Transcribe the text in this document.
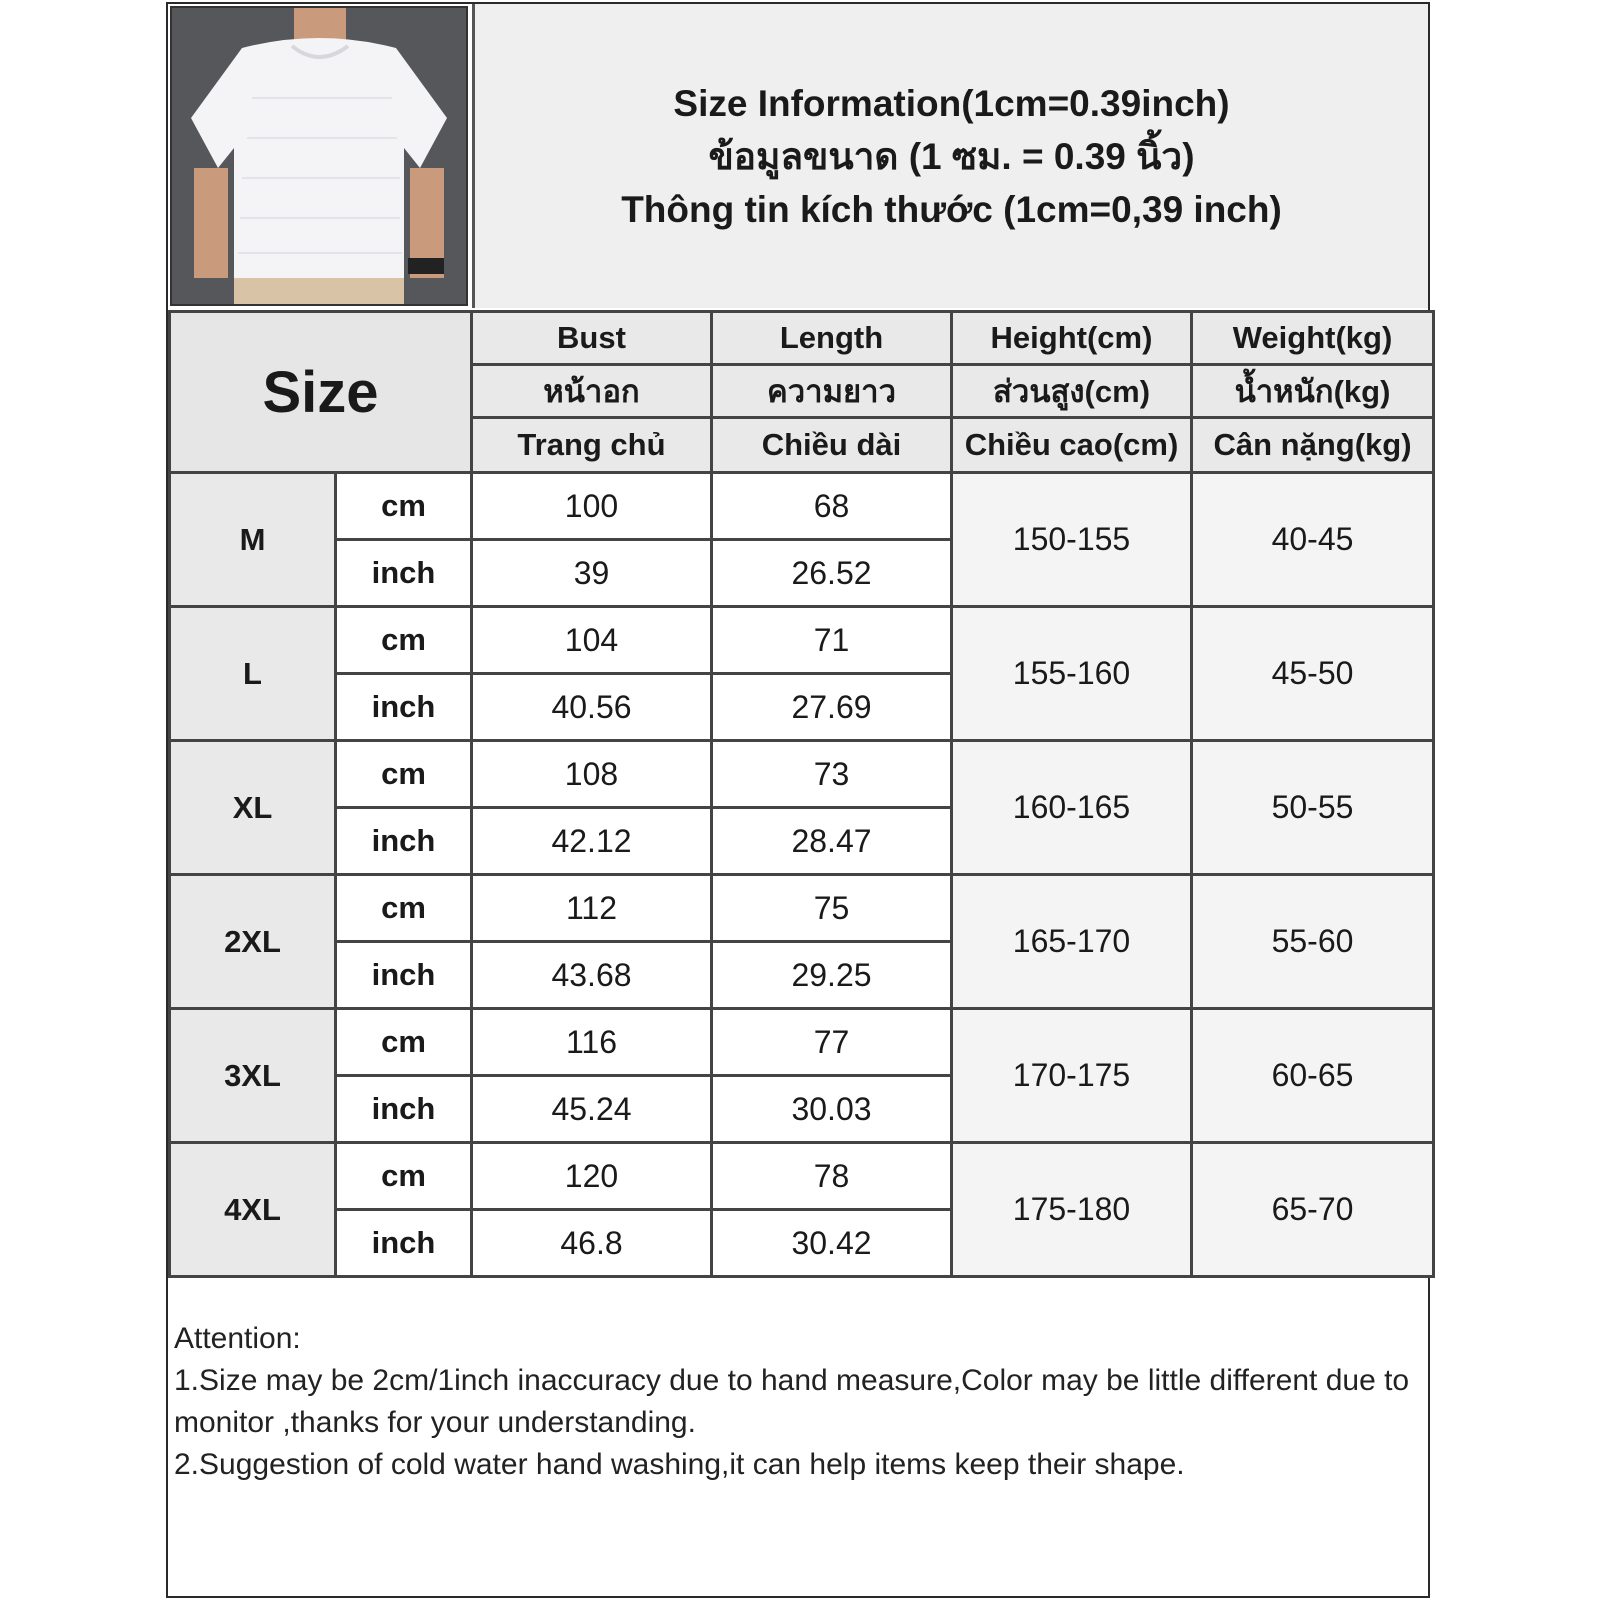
Size Information(1cm=0.39inch)
ข้อมูลขนาด (1 ซม. = 0.39 นิ้ว)
Thông tin kích thước (1cm=0,39 inch)
Size		Bust	Length	Height(cm)	Weight(kg)
		หน้าอก	ความยาว	ส่วนสูง(cm)	น้ำหนัก(kg)
		Trang chủ	Chiều dài	Chiều cao(cm)	Cân nặng(kg)
M	cm	100	68	150-155	40-45
	inch	39	26.52		
L	cm	104	71	155-160	45-50
	inch	40.56	27.69		
XL	cm	108	73	160-165	50-55
	inch	42.12	28.47		
2XL	cm	112	75	165-170	55-60
	inch	43.68	29.25		
3XL	cm	116	77	170-175	60-65
	inch	45.24	30.03		
4XL	cm	120	78	175-180	65-70
	inch	46.8	30.42		
Attention:
1.Size may be 2cm/1inch inaccuracy due to hand measure,Color may be little different due to monitor ,thanks for your understanding.
2.Suggestion of cold water hand washing,it can help items keep their shape.
